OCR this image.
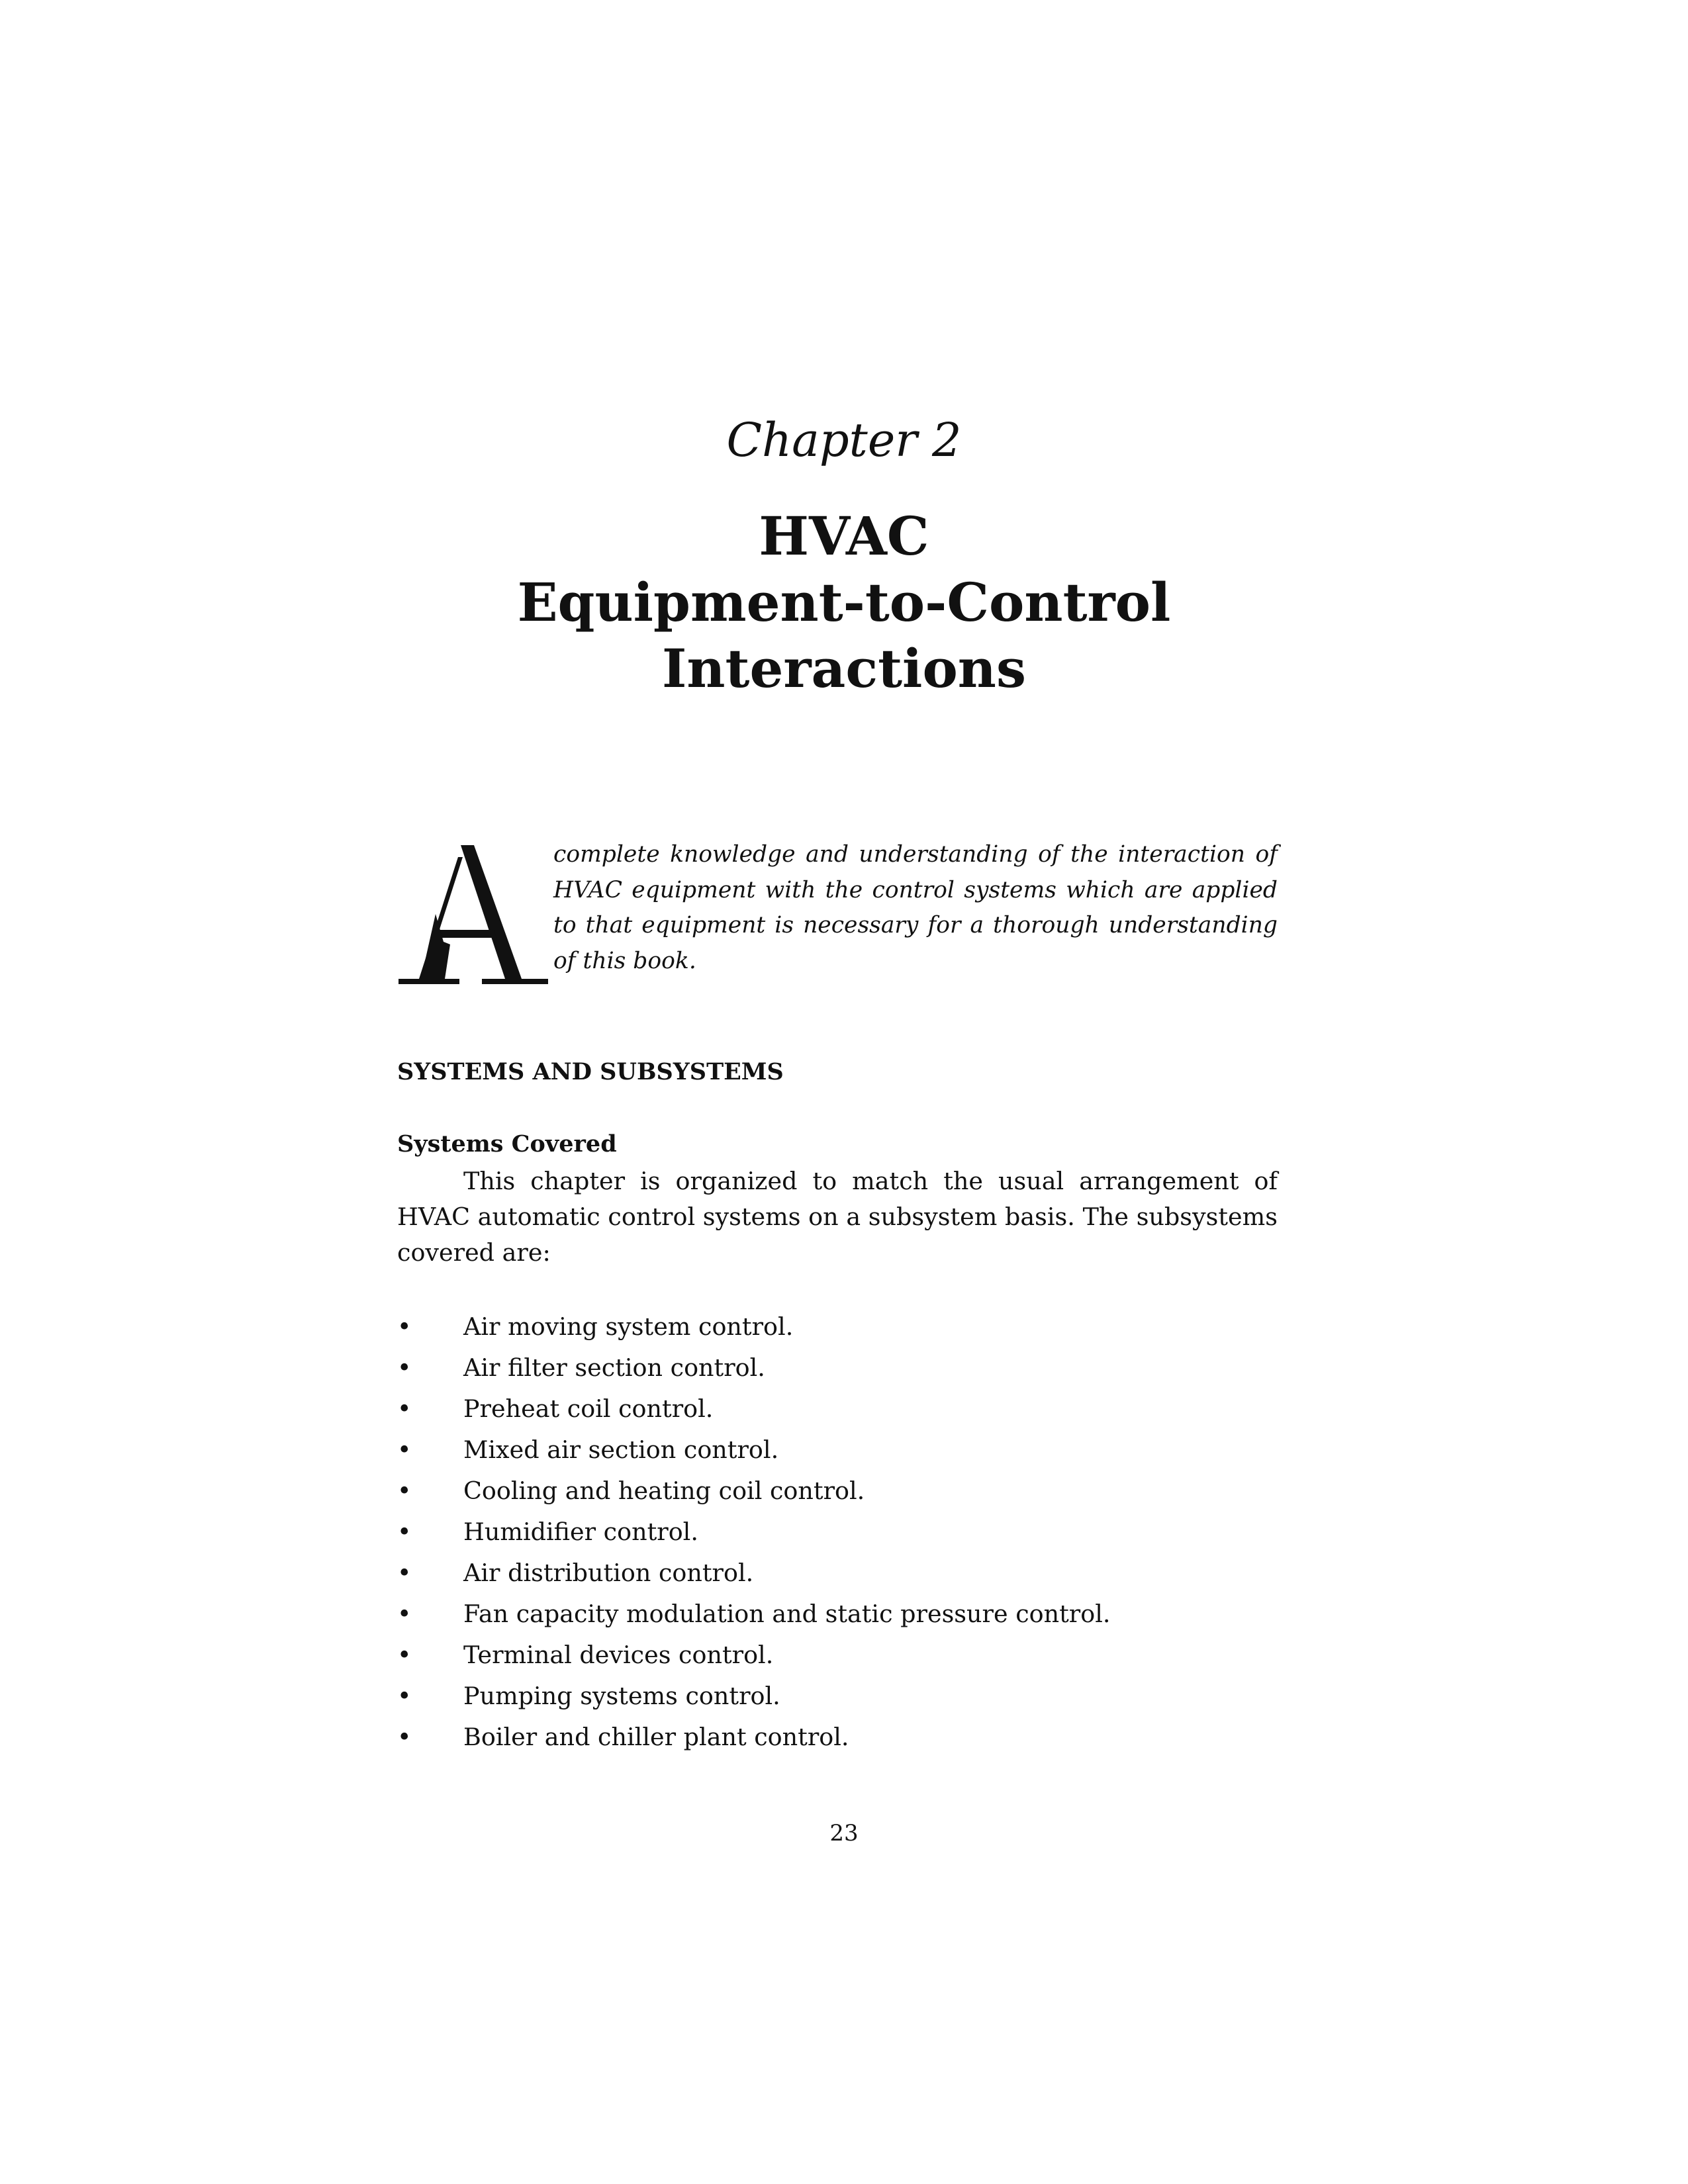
Chapter 2
HVAC
Equipment-to-Control
Interactions

complete knowledge and understanding of the interaction of HVAC equipment with the control systems which are applied to that equipment is necessary for a thorough understanding of this book.

SYSTEMS AND SUBSYSTEMS
Systems Covered

This chapter is organized to match the usual arrangement of HVAC automatic control systems on a subsystem basis. The subsystems covered are:

• Air moving system control.
• Air filter section control.
• Preheat coil control.
• Mixed air section control.
• Cooling and heating coil control.
• Humidifier control.
• Air distribution control.
• Fan capacity modulation and static pressure control.
• Terminal devices control.
• Pumping systems control.
• Boiler and chiller plant control.

23
